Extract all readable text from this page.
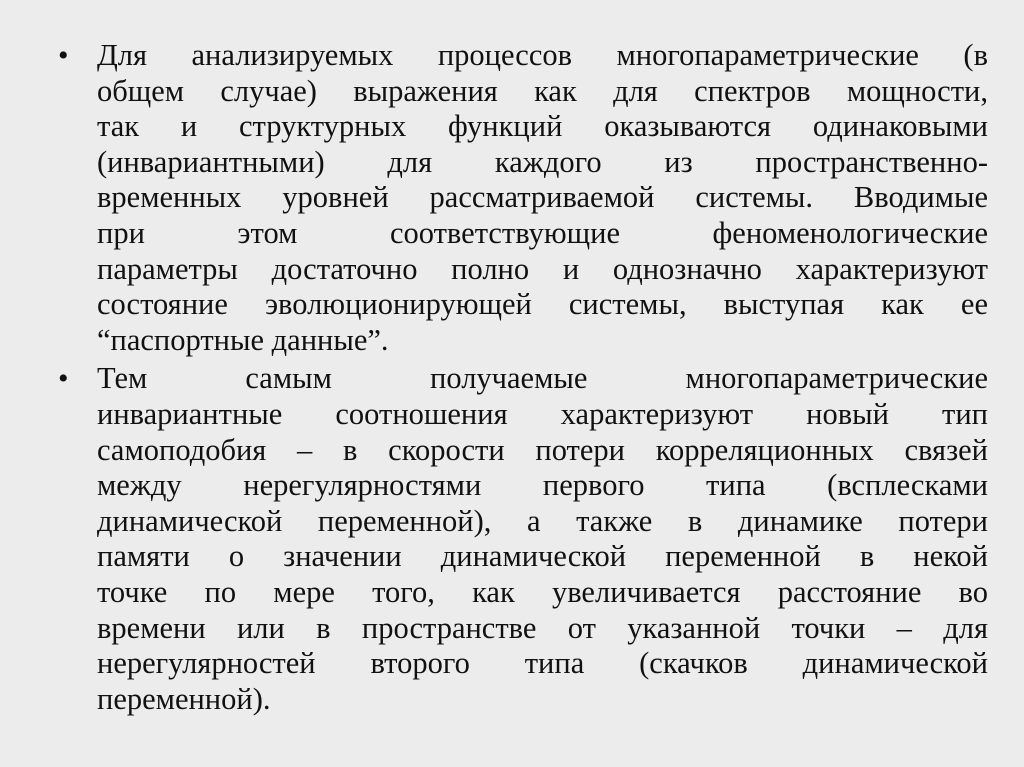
• Для анализируемых процессов многопараметрические (в
общем случае) выражения как для спектров мощности,
так и структурных функций оказываются одинаковыми
(инвариантными) для каждого из пространственно-
временных уровней рассматриваемой системы. Вводимые
при этом соответствующие феноменологические
параметры достаточно полно и однозначно характеризуют
состояние эволюционирующей системы, выступая как ее
“паспортные данные”.
• Тем самым получаемые многопараметрические
инвариантные соотношения характеризуют новый тип
самоподобия – в скорости потери корреляционных связей
между нерегулярностями первого типа (всплесками
динамической переменной), а также в динамике потери
памяти о значении динамической переменной в некой
точке по мере того, как увеличивается расстояние во
времени или в пространстве от указанной точки – для
нерегулярностей второго типа (скачков динамической
переменной).
